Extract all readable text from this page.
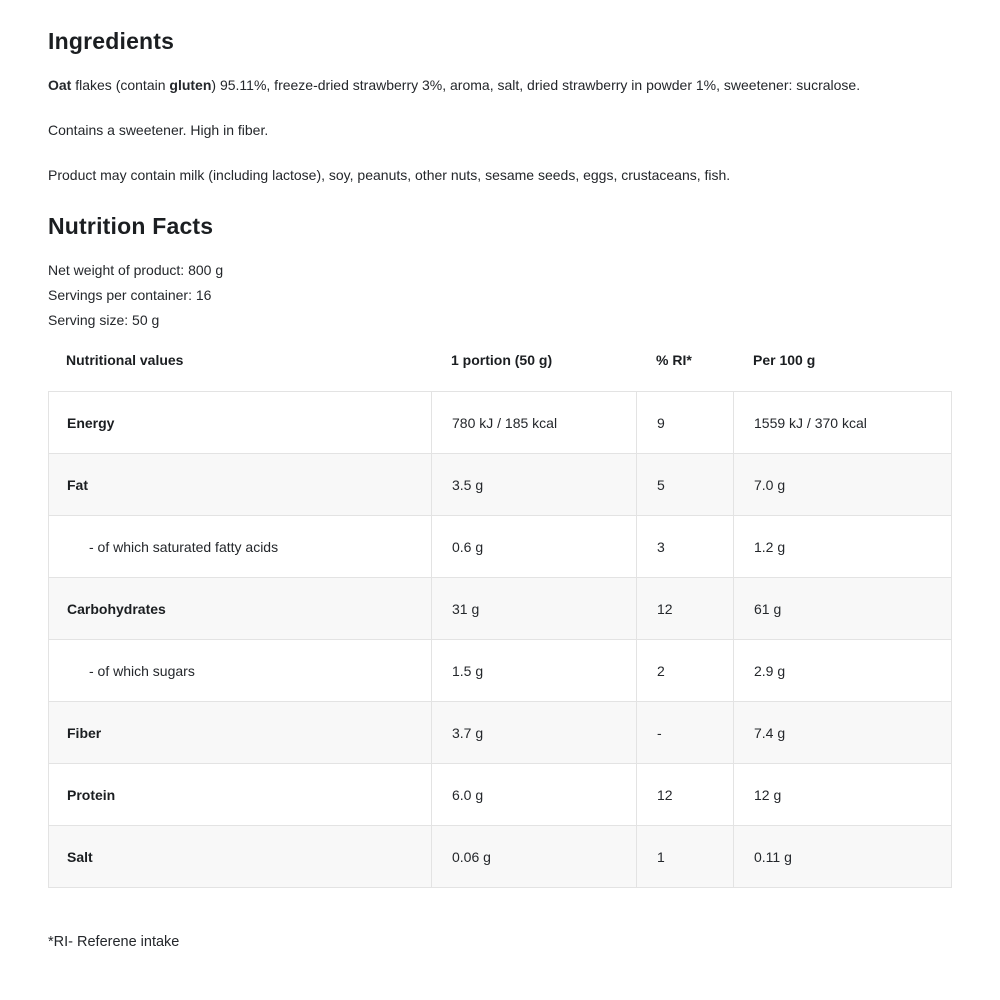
Ingredients

Oat flakes (contain gluten) 95.11%, freeze-dried strawberry 3%, aroma, salt, dried strawberry in powder 1%, sweetener: sucralose.

Contains a sweetener. High in fiber.

Product may contain milk (including lactose), soy, peanuts, other nuts, sesame seeds, eggs, crustaceans, fish.

Nutrition Facts
Net weight of product: 800 g
Servings per container: 16
Serving size: 50 g
Nutritional values	1 portion (50 g)	% RI*	Per 100 g
Energy	780 kJ / 185 kcal	9	1559 kJ / 370 kcal
Fat	3.5 g	5	7.0 g
- of which saturated fatty acids	0.6 g	3	1.2 g
Carbohydrates	31 g	12	61 g
- of which sugars	1.5 g	2	2.9 g
Fiber	3.7 g	-	7.4 g
Protein	6.0 g	12	12 g
Salt	0.06 g	1	0.11 g
*RI- Referene intake
